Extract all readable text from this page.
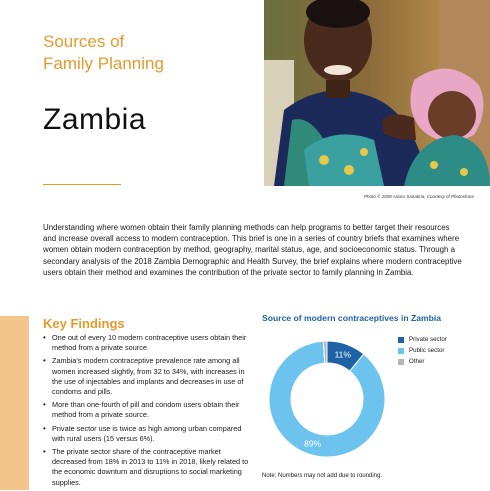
Sources of
Family Planning
Zambia
Photo © 2009 Arturo Sanabria, Courtesy of Photoshare
Understanding where women obtain their family planning methods can help programs to better target their resources and increase overall access to modern contraception. This brief is one in a series of country briefs that examines where women obtain modern contraception by method, geography, marital status, age, and socioeconomic status. Through a secondary analysis of the 2018 Zambia Demographic and Health Survey, the brief explains where modern contraceptive users obtain their method and examines the contribution of the private sector to family planning in Zambia.
Key Findings
• One out of every 10 modern contraceptive users obtain their method from a private source.
• Zambia's modern contraceptive prevalence rate among all women increased slightly, from 32 to 34%, with increases in the use of injectables and implants and decreases in use of condoms and pills.
• More than one-fourth of pill and condom users obtain their method from a private source.
• Private sector use is twice as high among urban compared with rural users (15 versus 6%).
• The private sector share of the contraceptive market decreased from 18% in 2013 to 11% in 2018, likely related to the economic downturn and disruptions to social marketing supplies.
Source of modern contraceptives in Zambia
11%
89%
Private sector
Public sector
Other
Note: Numbers may not add due to rounding.
